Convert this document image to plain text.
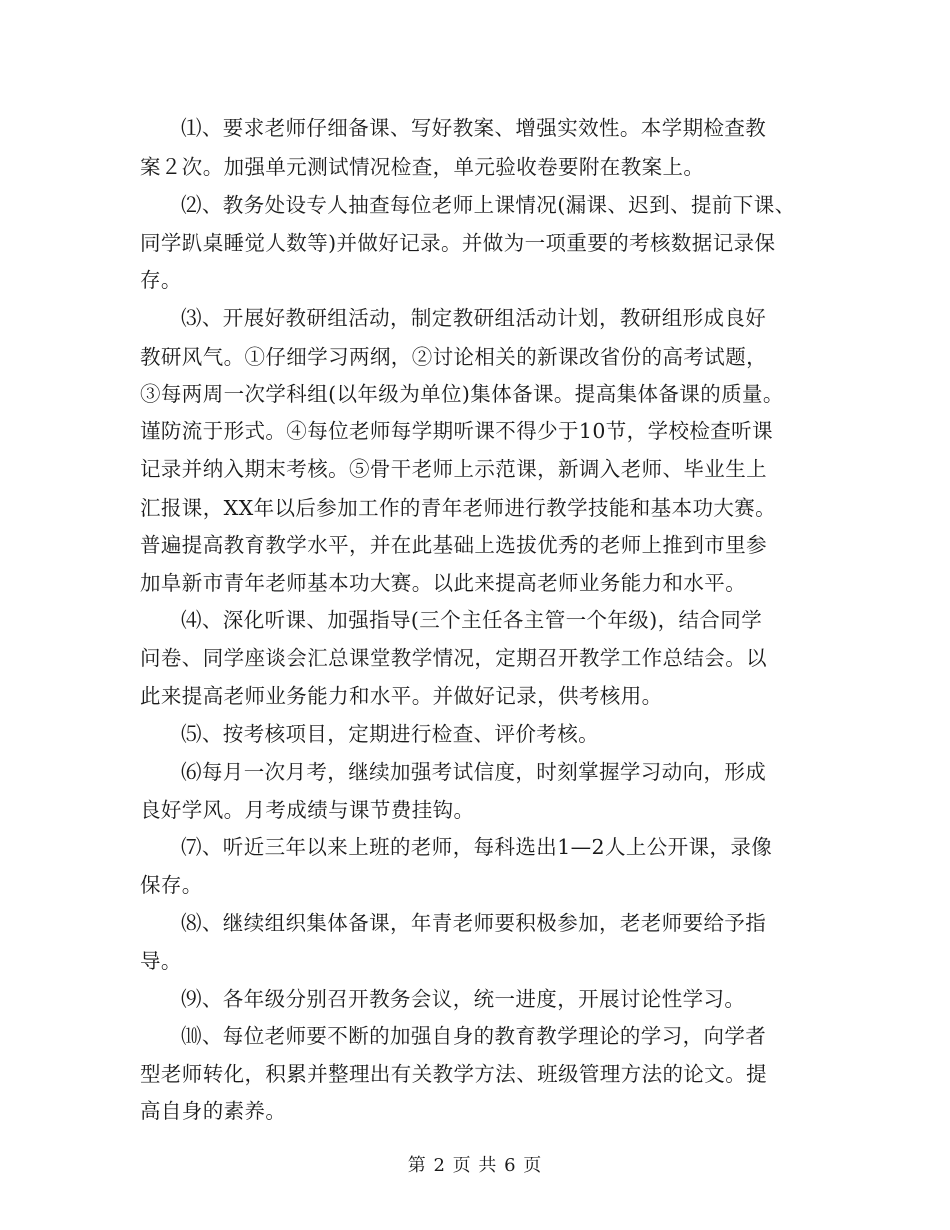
⑴、要求老师仔细备课、写好教案、增强实效性。本学期检查教
案２次。加强单元测试情况检查，单元验收卷要附在教案上。
⑵、教务处设专人抽查每位老师上课情况(漏课、迟到、提前下课、
同学趴桌睡觉人数等)并做好记录。并做为一项重要的考核数据记录保
存。
⑶、开展好教研组活动，制定教研组活动计划，教研组形成良好
教研风气。①仔细学习两纲，②讨论相关的新课改省份的高考试题，
③每两周一次学科组(以年级为单位)集体备课。提高集体备课的质量。
谨防流于形式。④每位老师每学期听课不得少于10节，学校检查听课
记录并纳入期末考核。⑤骨干老师上示范课，新调入老师、毕业生上
汇报课，XX年以后参加工作的青年老师进行教学技能和基本功大赛。
普遍提高教育教学水平，并在此基础上选拔优秀的老师上推到市里参
加阜新市青年老师基本功大赛。以此来提高老师业务能力和水平。
⑷、深化听课、加强指导(三个主任各主管一个年级)，结合同学
问卷、同学座谈会汇总课堂教学情况，定期召开教学工作总结会。以
此来提高老师业务能力和水平。并做好记录，供考核用。
⑸、按考核项目，定期进行检查、评价考核。
⑹每月一次月考，继续加强考试信度，时刻掌握学习动向，形成
良好学风。月考成绩与课节费挂钩。
⑺、听近三年以来上班的老师，每科选出1—2人上公开课，录像
保存。
⑻、继续组织集体备课，年青老师要积极参加，老老师要给予指
导。
⑼、各年级分别召开教务会议，统一进度，开展讨论性学习。
⑽、每位老师要不断的加强自身的教育教学理论的学习，向学者
型老师转化，积累并整理出有关教学方法、班级管理方法的论文。提
高自身的素养。
第 2 页 共 6 页
